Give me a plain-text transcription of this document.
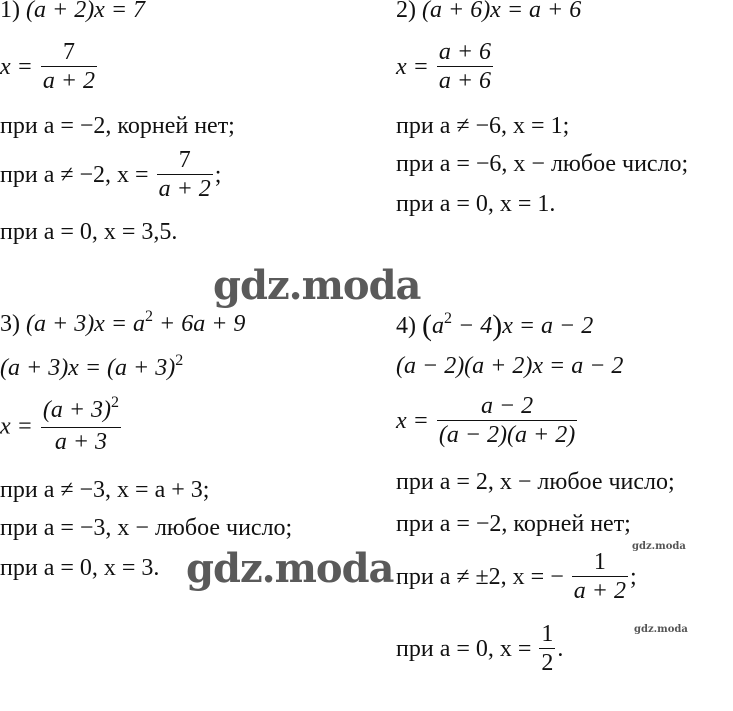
1) (a + 2)x = 7
$x = \frac{7}{a + 2}$
при a = −2, корней нет;
при a ≠ −2, $x = \frac{7}{a + 2}$ ;
при a = 0, x = 3,5.
2) (a + 6)x = a + 6
$x = \frac{a + 6}{a + 6}$
при a ≠ −6, x = 1;
при a = −6, x − любое число;
при a = 0, x = 1.
gdz.moda
3) $(a + 3)x = a^2 + 6a + 9$
$(a + 3)x = (a + 3)^2$
$x = \frac{(a + 3)^2}{a + 3}$
при a ≠ −3, x = a + 3;
при a = −3, x − любое число;
при a = 0, x = 3. gdz.moda
4) $(a^2 - 4)x = a - 2$
(a − 2)(a + 2)x = a − 2
$x = \frac{a - 2}{(a - 2)(a + 2)}$
при a = 2, x − любое число;
при a = −2, корней нет;
gdz.moda
при a ≠ ±2, x = − $\frac{1}{a + 2}$ ;
gdz.moda
при a = 0, $x = \frac{1}{2}$ .
